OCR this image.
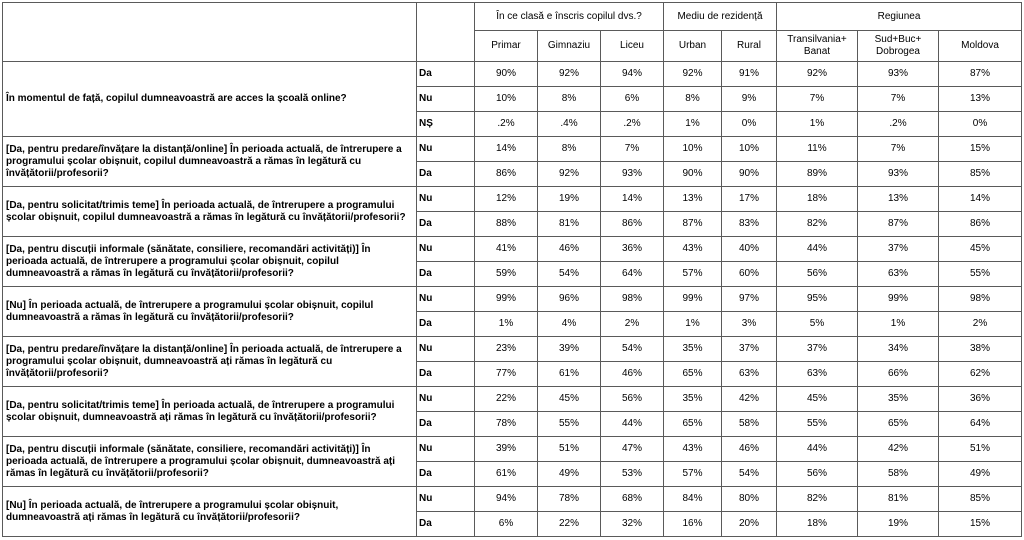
		În ce clasă e înscris copilul dvs.?			Mediu de rezidență		Regiunea		
		Primar	Gimnaziu	Liceu	Urban	Rural	Transilvania+ Banat	Sud+Buc+ Dobrogea	Moldova
În momentul de față, copilul dumneavoastră are acces la școală online?	Da	90%	92%	94%	92%	91%	92%	93%	87%
	Nu	10%	8%	6%	8%	9%	7%	7%	13%
	NȘ	.2%	.4%	.2%	1%	0%	1%	.2%	0%
[Da, pentru predare/învățare la distanță/online] În perioada actuală, de întrerupere a programului școlar obișnuit, copilul dumneavoastră a rămas în legătură cu învățătorii/profesorii?	Nu	14%	8%	7%	10%	10%	11%	7%	15%
	Da	86%	92%	93%	90%	90%	89%	93%	85%
[Da, pentru solicitat/trimis teme] În perioada actuală, de întrerupere a programului școlar obișnuit, copilul dumneavoastră a rămas în legătură cu învățătorii/profesorii?	Nu	12%	19%	14%	13%	17%	18%	13%	14%
	Da	88%	81%	86%	87%	83%	82%	87%	86%
[Da, pentru discuții informale (sănătate, consiliere, recomandări activități)] În perioada actuală, de întrerupere a programului școlar obișnuit, copilul dumneavoastră a rămas în legătură cu învățătorii/profesorii?	Nu	41%	46%	36%	43%	40%	44%	37%	45%
	Da	59%	54%	64%	57%	60%	56%	63%	55%
[Nu] În perioada actuală, de întrerupere a programului școlar obișnuit, copilul dumneavoastră a rămas în legătură cu învățătorii/profesorii?	Nu	99%	96%	98%	99%	97%	95%	99%	98%
	Da	1%	4%	2%	1%	3%	5%	1%	2%
[Da, pentru predare/învățare la distanță/online] În perioada actuală, de întrerupere a programului școlar obișnuit, dumneavoastră ați rămas în legătură cu învățătorii/profesorii?	Nu	23%	39%	54%	35%	37%	37%	34%	38%
	Da	77%	61%	46%	65%	63%	63%	66%	62%
[Da, pentru solicitat/trimis teme] În perioada actuală, de întrerupere a programului școlar obișnuit, dumneavoastră ați rămas în legătură cu învățătorii/profesorii?	Nu	22%	45%	56%	35%	42%	45%	35%	36%
	Da	78%	55%	44%	65%	58%	55%	65%	64%
[Da, pentru discuții informale (sănătate, consiliere, recomandări activități)] În perioada actuală, de întrerupere a programului școlar obișnuit, dumneavoastră ați rămas în legătură cu învățătorii/profesorii?	Nu	39%	51%	47%	43%	46%	44%	42%	51%
	Da	61%	49%	53%	57%	54%	56%	58%	49%
[Nu] În perioada actuală, de întrerupere a programului școlar obișnuit, dumneavoastră ați rămas în legătură cu învățătorii/profesorii?	Nu	94%	78%	68%	84%	80%	82%	81%	85%
	Da	6%	22%	32%	16%	20%	18%	19%	15%
